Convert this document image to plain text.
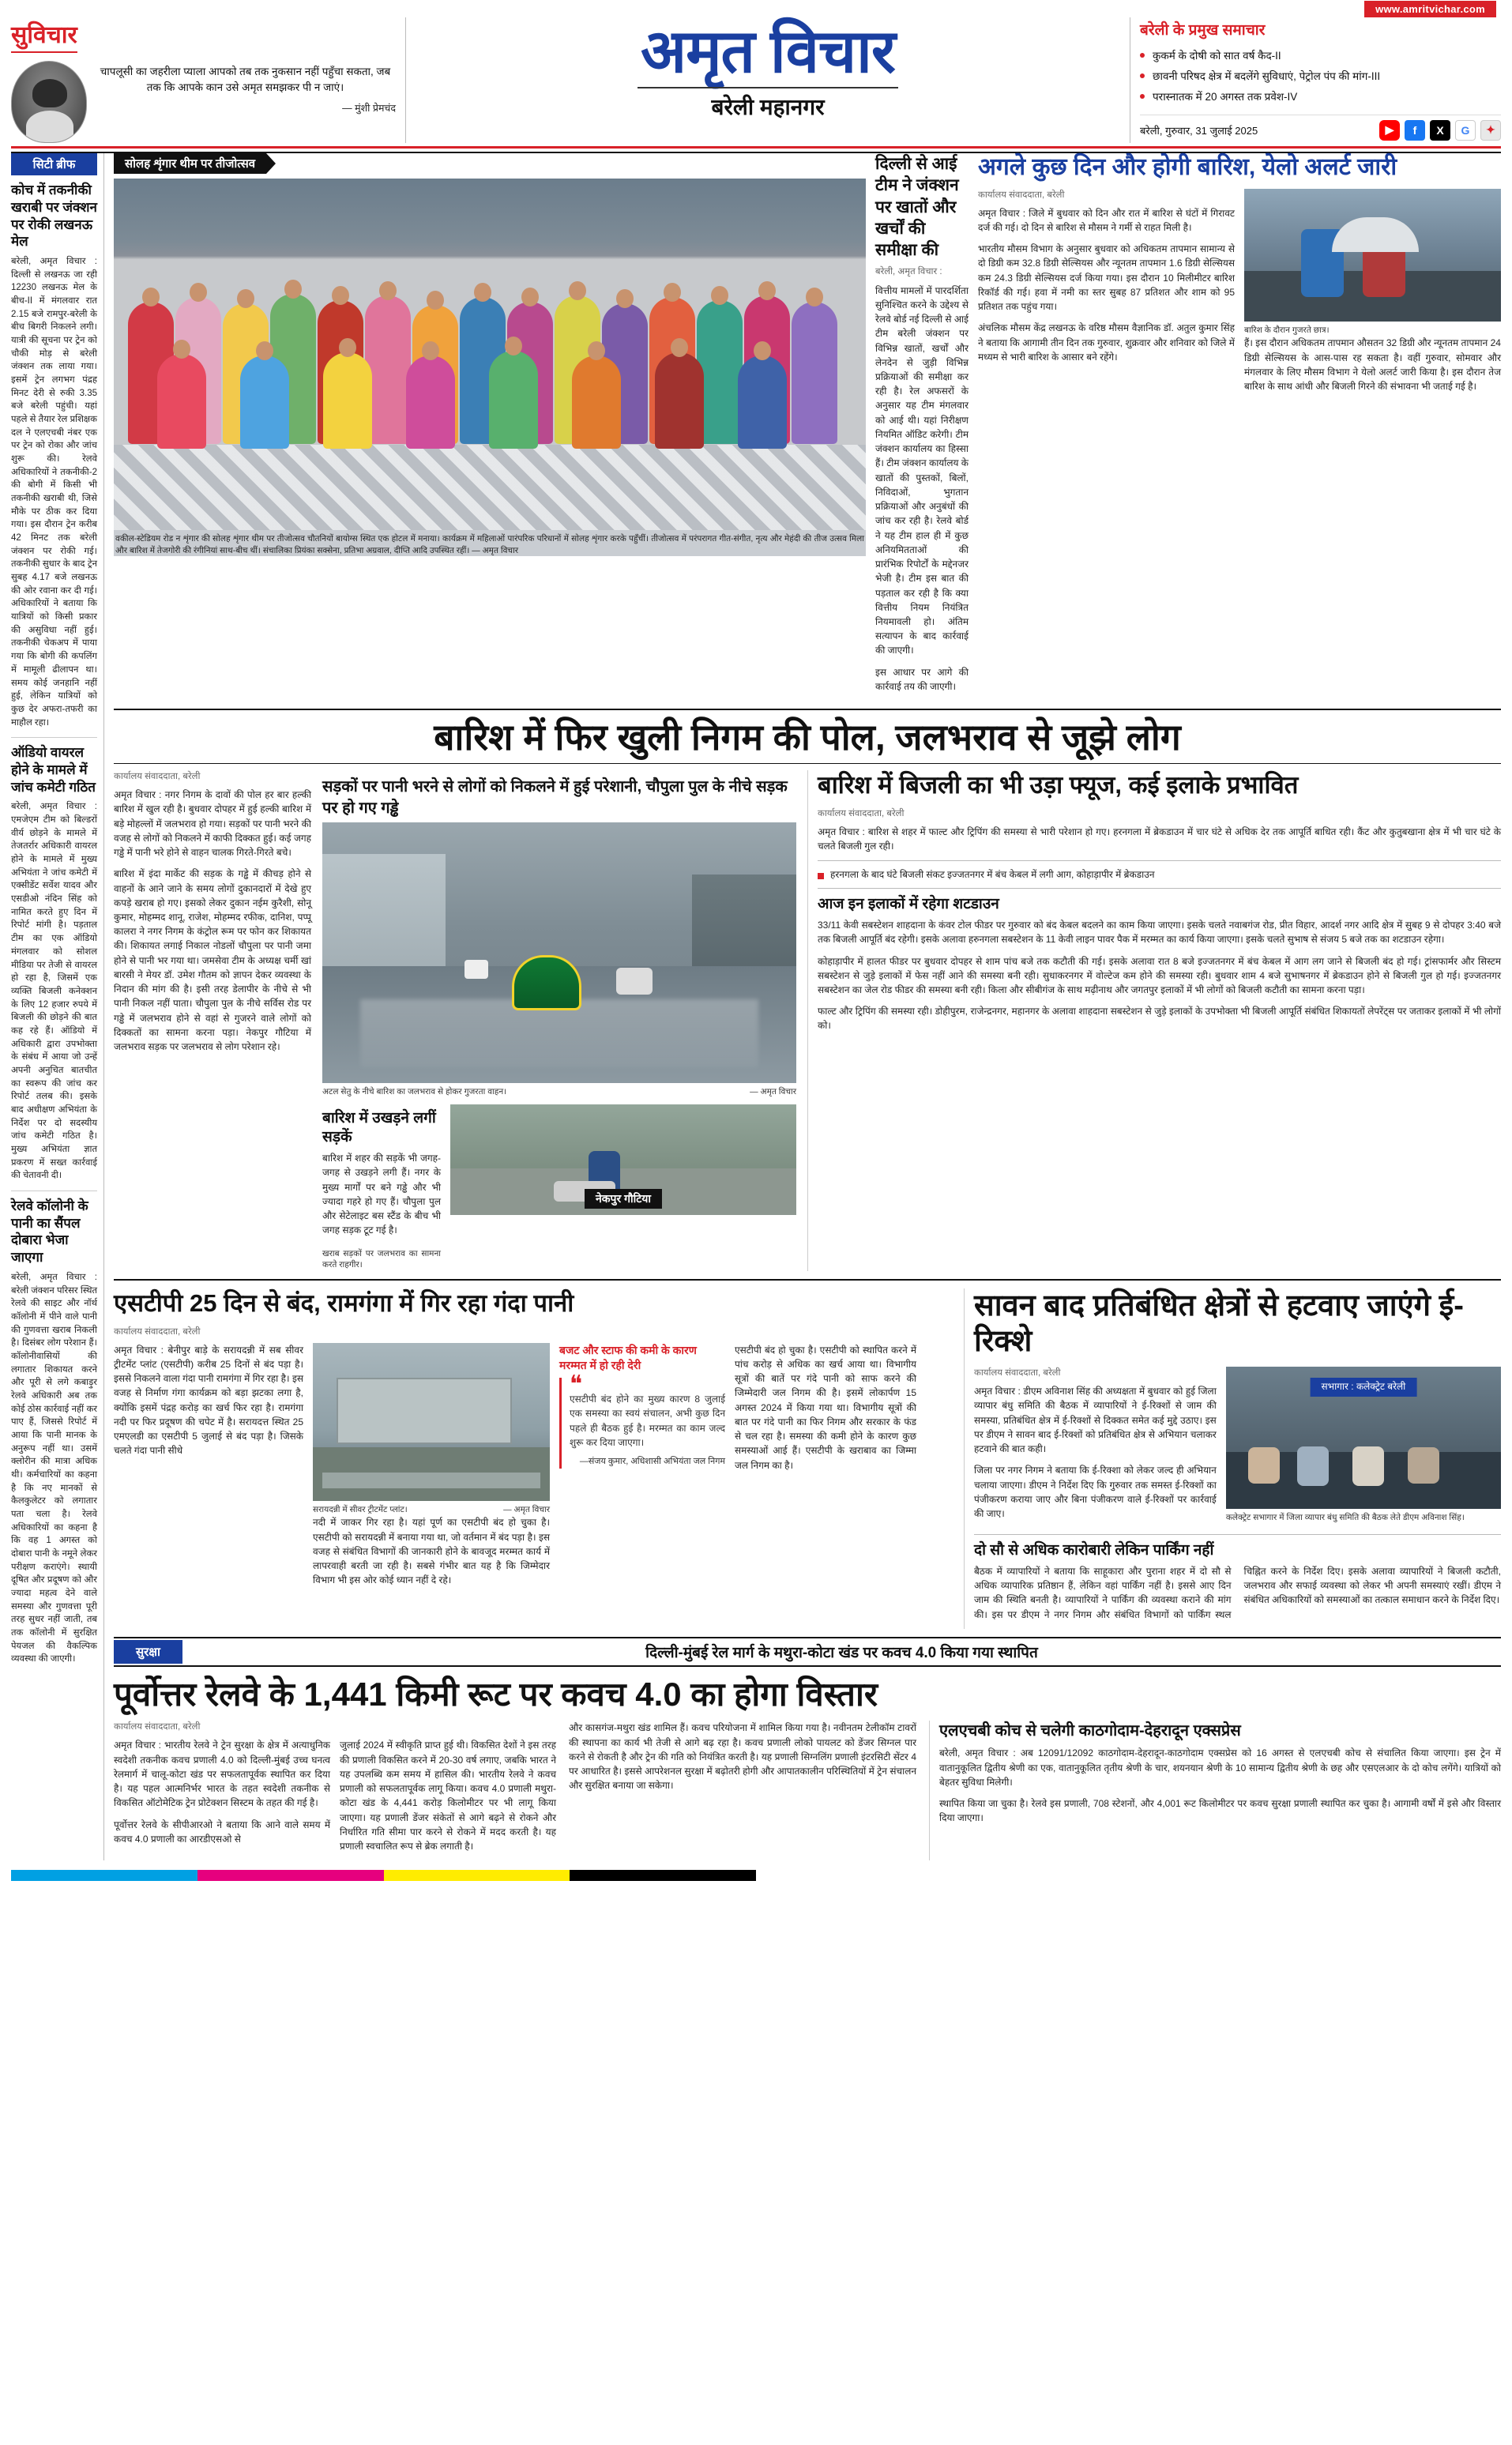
www.amritvichar.com
सुविचार
चापलूसी का जहरीला प्याला आपको तब तक नुकसान नहीं पहुँचा सकता, जब तक कि आपके कान उसे अमृत समझकर पी न जाएं।
— मुंशी प्रेमचंद
अमृत विचार
बरेली महानगर
बरेली के प्रमुख समाचार
कुकर्म के दोषी को सात वर्ष कैद-II
छावनी परिषद क्षेत्र में बदलेंगे सुविधाएं, पेट्रोल पंप की मांग-III
परास्नातक में 20 अगस्त तक प्रवेश-IV
बरेली, गुरुवार, 31 जुलाई 2025	▶	f	X	G	✦
सिटी ब्रीफ
कोच में तकनीकी खराबी पर जंक्शन पर रोकी लखनऊ मेल

बरेली, अमृत विचार : दिल्ली से लखनऊ जा रही 12230 लखनऊ मेल के बीच-II में मंगलवार रात 2.15 बजे रामपुर-बरेली के बीच बिगरी निकलने लगी। यात्री की सूचना पर ट्रेन को चौकी मोड़ से बरेली जंक्शन तक लाया गया। इसमें ट्रेन लगभग पंद्रह मिनट देरी से रुकी 3.35 बजे बरेली पहुंची। यहां पहले से तैयार रेल प्रशिक्षक दल ने एलएचबी नंबर एक पर ट्रेन को रोका और जांच शुरू की। रेलवे अधिकारियों ने तकनीकी-2 की बोगी में किसी भी तकनीकी खराबी थी, जिसे मौके पर ठीक कर दिया गया। इस दौरान ट्रेन करीब 42 मिनट तक बरेली जंक्शन पर रोकी गई। तकनीकी सुधार के बाद ट्रेन सुबह 4.17 बजे लखनऊ की ओर रवाना कर दी गई। अधिकारियों ने बताया कि यात्रियों को किसी प्रकार की असुविधा नहीं हुई। तकनीकी चेकअप में पाया गया कि बोगी की कपलिंग में मामूली ढीलापन था। समय कोई जनहानि नहीं हुई, लेकिन यात्रियों को कुछ देर अफरा-तफरी का माहौल रहा।

ऑडियो वायरल होने के मामले में जांच कमेटी गठित

बरेली, अमृत विचार : एमजेएम टीम को बिल्डरों वीर्य छोड़ने के मामले में तेजतर्रार अधिकारी वायरल होने के मामले में मुख्य अभियंता ने जांच कमेटी में एक्सीडेंट सर्वेश यादव और एसडीओ नंदिन सिंह को नामित करते हुए दिन में रिपोर्ट मांगी है। पड़ताल टीम का एक ऑडियो मंगलवार को सोशल मीडिया पर तेजी से वायरल हो रहा है, जिसमें एक व्यक्ति बिजली कनेक्शन के लिए 12 हजार रुपये में बिजली की छोड़ने की बात कह रहे हैं। ऑडियो में अधिकारी द्वारा उपभोक्ता के संबंध में आया जो उन्हें अपनी अनुचित बातचीत का स्वरूप की जांच कर रिपोर्ट तलब की। इसके बाद अधीक्षण अभियंता के निर्देश पर दो सदस्यीय जांच कमेटी गठित है। मुख्य अभियंता ज्ञात प्रकरण में सख्त कार्रवाई की चेतावनी दी।

रेलवे कॉलोनी के पानी का सैंपल दोबारा भेजा जाएगा

बरेली, अमृत विचार : बरेली जंक्शन परिसर स्थित रेलवे की साइट और नॉर्थ कॉलोनी में पीने वाले पानी की गुणवत्ता खराब निकली है। दिसंबर लोग परेशान हैं। कॉलोनीवासियों की लगातार शिकायत करने और पूरी से लगे कबाड़ुर रेलवे अधिकारी अब तक कोई ठोस कार्रवाई नहीं कर पाए हैं, जिससे रिपोर्ट में आया कि पानी मानक के अनुरूप नहीं था। उसमें क्लोरीन की मात्रा अधिक थी। कर्मचारियों का कहना है कि नए मानकों से कैलकुलेटर को लगातार पता चला है। रेलवे अधिकारियों का कहना है कि वह 1 अगस्त को दोबारा पानी के नमूने लेकर परीक्षण कराएंगे। स्थायी दूषित और प्रदूषण को और ज्यादा महत्व देने वाले समस्या और गुणवत्ता पूरी तरह सुधर नहीं जाती, तब तक कॉलोनी में सुरक्षित पेयजल की वैकल्पिक व्यवस्था की जाएगी।

सोलह शृंगार थीम पर तीजोत्सव
वकील-स्टेडियम रोड न शृंगार की सोलह शृंगार थीम पर तीजोत्सव चौतनियों बायोग्स स्थित एक होटल में मनाया। कार्यक्रम में महिलाओं पारंपरिक परिधानों में सोलह शृंगार करके पहुँचीं। तीजोत्सव में परंपरागत गीत-संगीत, नृत्य और मेहंदी की तीज उत्सव मिला और बारिश में तेजगोरी की रंगीनियां साथ-बीच थीं। संचालिका प्रियंका सक्सेना, प्रतिभा अग्रवाल, दीप्ति आदि उपस्थित रहीं। — अमृत विचार
दिल्ली से आई टीम ने जंक्शन पर खातों और खर्चों की समीक्षा की
बरेली, अमृत विचार :

वित्तीय मामलों में पारदर्शिता सुनिश्चित करने के उद्देश्य से रेलवे बोर्ड नई दिल्ली से आई टीम बरेली जंक्शन पर विभिन्न खातों, खर्चों और लेनदेन से जुड़ी विभिन्न प्रक्रियाओं की समीक्षा कर रही है। रेल अफसरों के अनुसार यह टीम मंगलवार को आई थी। यहां निरीक्षण नियमित ऑडिट करेगी। टीम जंक्शन कार्यालय का हिस्सा हैं। टीम जंक्शन कार्यालय के खातों की पुस्तकों, बिलों, निविदाओं, भुगतान प्रक्रियाओं और अनुबंधों की जांच कर रही है। रेलवे बोर्ड ने यह टीम हाल ही में कुछ अनियमितताओं की प्रारंभिक रिपोर्टों के मद्देनजर भेजी है। टीम इस बात की पड़ताल कर रही है कि क्या वित्तीय नियम नियंत्रित नियमावली हो। अंतिम सत्यापन के बाद कार्रवाई की जाएगी।

इस आधार पर आगे की कार्रवाई तय की जाएगी।

अगले कुछ दिन और होगी बारिश, येलो अलर्ट जारी
कार्यालय संवाददाता, बरेली

अमृत विचार : जिले में बुधवार को दिन और रात में बारिश से घंटों में गिरावट दर्ज की गई। दो दिन से बारिश से मौसम ने गर्मी से राहत मिली है।

भारतीय मौसम विभाग के अनुसार बुधवार को अधिकतम तापमान सामान्य से दो डिग्री कम 32.8 डिग्री सेल्सियस और न्यूनतम तापमान 1.6 डिग्री सेल्सियस कम 24.3 डिग्री सेल्सियस दर्ज किया गया। इस दौरान 10 मिलीमीटर बारिश रिकॉर्ड की गई। हवा में नमी का स्तर सुबह 87 प्रतिशत और शाम को 95 प्रतिशत तक पहुंच गया।

अंचलिक मौसम केंद्र लखनऊ के वरिष्ठ मौसम वैज्ञानिक डॉ. अतुल कुमार सिंह ने बताया कि आगामी तीन दिन तक गुरुवार, शुक्रवार और शनिवार को जिले में मध्यम से भारी बारिश के आसार बने रहेंगे।

बारिश के दौरान गुजरते छात्र।

हैं। इस दौरान अधिकतम तापमान औसतन 32 डिग्री और न्यूनतम तापमान 24 डिग्री सेल्सियस के आस-पास रह सकता है। वहीं गुरुवार, सोमवार और मंगलवार के लिए मौसम विभाग ने येलो अलर्ट जारी किया है। इस दौरान तेज बारिश के साथ आंधी और बिजली गिरने की संभावना भी जताई गई है।

बारिश में फिर खुली निगम की पोल, जलभराव से जूझे लोग
कार्यालय संवाददाता, बरेली

अमृत विचार : नगर निगम के दावों की पोल हर बार हल्की बारिश में खुल रही है। बुधवार दोपहर में हुई हल्की बारिश में बड़े मोहल्लों में जलभराव हो गया। सड़कों पर पानी भरने की वजह से लोगों को निकलने में काफी दिक्कत हुई। कई जगह गड्ढे में पानी भरे होने से वाहन चालक गिरते-गिरते बचे।

बारिश में इंदा मार्केट की सड़क के गड्ढे में कीचड़ होने से वाहनों के आने जाने के समय लोगों दुकानदारों में देखे हुए कपड़े खराब हो गए। इसको लेकर दुकान नईम कुरैशी, सोनू कुमार, मोहम्मद शानू, राजेश, मोहम्मद रफीक, दानिश, पप्पू कालरा ने नगर निगम के कंट्रोल रूम पर फोन कर शिकायत की। शिकायत लगाई निकाल नोडलों चौपुला पर पानी जमा होने से पानी भर गया था। जमसेवा टीम के अध्यक्ष चर्मी खां बारसी ने मेयर डॉ. उमेश गौतम को ज्ञापन देकर व्यवस्था के निदान की मांग की है। इसी तरह डेलापीर के नीचे से भी पानी निकल नहीं पाता। चौपुला पुल के नीचे सर्विस रोड पर गड्ढे में जलभराव होने से वहां से गुजरने वाले लोगों को दिक्कतों का सामना करना पड़ा। नेकपुर गौटिया में जलभराव सड़क पर जलभराव से लोग परेशान रहे।

सड़कों पर पानी भरने से लोगों को निकलने में हुई परेशानी, चौपुला पुल के नीचे सड़क पर हो गए गड्ढे
अटल सेतु के नीचे बारिश का जलभराव से होकर गुजरता वाहन।	— अमृत विचार
बारिश में उखड़ने लगीं सड़कें

बारिश में शहर की सड़कें भी जगह-जगह से उखड़ने लगी हैं। नगर के मुख्य मार्गों पर बने गड्ढे और भी ज्यादा गहरे हो गए हैं। चौपुला पुल और सेटेलाइट बस स्टैंड के बीच भी जगह सड़क टूट गई है।

खराब सड़कों पर जलभराव का सामना करते राहगीर।
नेकपुर गौटिया
बारिश में बिजली का भी उड़ा फ्यूज, कई इलाके प्रभावित
कार्यालय संवाददाता, बरेली

अमृत विचार : बारिश से शहर में फाल्ट और ट्रिपिंग की समस्या से भारी परेशान हो गए। हरनगला में ब्रेकडाउन में चार घंटे से अधिक देर तक आपूर्ति बाधित रही। कैंट और कुतुबखाना क्षेत्र में भी चार घंटे के चलते बिजली गुल रही।

हरनगला के बाद घंटे बिजली संकट इज्जतनगर में बंच केबल में लगी आग, कोहाड़ापीर में ब्रेकडाउन
आज इन इलाकों में रहेगा शटडाउन

33/11 केवी सबस्टेशन शाहदाना के कंवर टोल फीडर पर गुरुवार को बंद केबल बदलने का काम किया जाएगा। इसके चलते नवाबगंज रोड, प्रीत विहार, आदर्श नगर आदि क्षेत्र में सुबह 9 से दोपहर 3:40 बजे तक बिजली आपूर्ति बंद रहेगी। इसके अलावा हरुनगला सबस्टेशन के 11 केवी लाइन पावर पैक में मरम्मत का कार्य किया जाएगा। इसके चलते सुभाष से संजय 5 बजे तक का शटडाउन रहेगा।

कोहाड़ापीर में हालत फीडर पर बुधवार दोपहर से शाम पांच बजे तक कटौती की गई। इसके अलावा रात 8 बजे इज्जतनगर में बंच केबल में आग लग जाने से बिजली बंद हो गई। ट्रांसफार्मर और सिस्टम सबस्टेशन से जुड़े इलाकों में फेस नहीं आने की समस्या बनी रही। सुधाकरनगर में वोल्टेज कम होने की समस्या रही। बुधवार शाम 4 बजे सुभाषनगर में ब्रेकडाउन होने से बिजली गुल हो गई। इज्जतनगर सबस्टेशन का जेल रोड फीडर की समस्या बनी रही। किला और सीबीगंज के साथ मढ़ीनाथ और जगतपुर इलाकों में भी लोगों को बिजली कटौती का सामना करना पड़ा।

फाल्ट और ट्रिपिंग की समस्या रही। डोहीपुरम, राजेन्द्रनगर, महानगर के अलावा शाहदाना सबस्टेशन से जुड़े इलाकों के उपभोक्ता भी बिजली आपूर्ति संबंधित शिकायतों लेपरेंट्स पर जताकर इलाकों में भी लोगों को।

एसटीपी 25 दिन से बंद, रामगंगा में गिर रहा गंदा पानी
कार्यालय संवाददाता, बरेली

अमृत विचार : बेनीपुर बाड़े के सरायदन्नी में सब सीवर ट्रीटमेंट प्लांट (एसटीपी) करीब 25 दिनों से बंद पड़ा है। इससे निकलने वाला गंदा पानी रामगंगा में गिर रहा है। इस वजह से निर्माण गंगा कार्यक्रम को बड़ा झटका लगा है, क्योंकि इसमें पंद्रह करोड़ का खर्च फिर रहा है। रामगंगा नदी पर फिर प्रदूषण की चपेट में है। सरायदत्त स्थित 25 एमएलडी का एसटीपी 5 जुलाई से बंद पड़ा है। जिसके चलते गंदा पानी सीधे

सरायदन्नी में सीवर ट्रीटमेंट प्लांट।	— अमृत विचार

नदी में जाकर गिर रहा है। यहां पूर्ण का एसटीपी बंद हो चुका है। एसटीपी को सरायदन्नी में बनाया गया था, जो वर्तमान में बंद पड़ा है। इस वजह से संबंधित विभागों की जानकारी होने के बावजूद मरम्मत कार्य में लापरवाही बरती जा रही है। सबसे गंभीर बात यह है कि जिम्मेदार विभाग भी इस ओर कोई ध्यान नहीं दे रहे।

बजट और स्टाफ की कमी के कारण मरम्मत में हो रही देरी
❝
एसटीपी बंद होने का मुख्य कारण 8 जुलाई एक समस्या का स्वयं संचालन, अभी कुछ दिन पहले ही बैठक हुई है। मरम्मत का काम जल्द शुरू कर दिया जाएगा।
—संजय कुमार, अधिशासी अभियंता जल निगम

एसटीपी बंद हो चुका है। एसटीपी को स्थापित करने में पांच करोड़ से अधिक का खर्च आया था। विभागीय सूत्रों की बातें पर गंदे पानी को साफ करने की जिम्मेदारी जल निगम की है। इसमें लोकार्पण 15 अगस्त 2024 में किया गया था। विभागीय सूत्रों की बात पर गंदे पानी का फिर निगम और सरकार के फंड से चल रहा है। समस्या की कमी होने के कारण कुछ समस्याओं आई हैं। एसटीपी के खराबाव का जिम्मा जल निगम का है।

सावन बाद प्रतिबंधित क्षेत्रों से हटवाए जाएंगे ई-रिक्शे
कार्यालय संवाददाता, बरेली

अमृत विचार : डीएम अविनाश सिंह की अध्यक्षता में बुधवार को हुई जिला व्यापार बंधु समिति की बैठक में व्यापारियों ने ई-रिक्शों से जाम की समस्या, प्रतिबंधित क्षेत्र में ई-रिक्शों से दिक्कत समेत कई मुद्दे उठाए। इस पर डीएम ने सावन बाद ई-रिक्शों को प्रतिबंधित क्षेत्र से अभियान चलाकर हटवाने की बात कही।

जिला पर नगर निगम ने बताया कि ई-रिक्शा को लेकर जल्द ही अभियान चलाया जाएगा। डीएम ने निर्देश दिए कि गुरुवार तक समस्त ई-रिक्शों का पंजीकरण कराया जाए और बिना पंजीकरण वाले ई-रिक्शों पर कार्रवाई की जाए।

सभागार : कलेक्ट्रेट बरेली
कलेक्ट्रेट सभागार में जिला व्यापार बंधु समिति की बैठक लेते डीएम अविनाश सिंह।
दो सौ से अधिक कारोबारी लेकिन पार्किंग नहीं

बैठक में व्यापारियों ने बताया कि साहूकारा और पुराना शहर में दो सौ से अधिक व्यापारिक प्रतिष्ठान हैं, लेकिन वहां पार्किंग नहीं है। इससे आए दिन जाम की स्थिति बनती है। व्यापारियों ने पार्किंग की व्यवस्था कराने की मांग की। इस पर डीएम ने नगर निगम और संबंधित विभागों को पार्किंग स्थल चिह्नित करने के निर्देश दिए। इसके अलावा व्यापारियों ने बिजली कटौती, जलभराव और सफाई व्यवस्था को लेकर भी अपनी समस्याएं रखीं। डीएम ने संबंधित अधिकारियों को समस्याओं का तत्काल समाधान करने के निर्देश दिए।

सुरक्षा	दिल्ली-मुंबई रेल मार्ग के मथुरा-कोटा खंड पर कवच 4.0 किया गया स्थापित
पूर्वोत्तर रेलवे के 1,441 किमी रूट पर कवच 4.0 का होगा विस्तार
कार्यालय संवाददाता, बरेली

अमृत विचार : भारतीय रेलवे ने ट्रेन सुरक्षा के क्षेत्र में अत्याधुनिक स्वदेशी तकनीक कवच प्रणाली 4.0 को दिल्ली-मुंबई उच्च घनत्व रेलमार्ग में चालू-कोटा खंड पर सफलतापूर्वक स्थापित कर दिया है। यह पहल आत्मनिर्भर भारत के तहत स्वदेशी तकनीक से विकसित ऑटोमेटिक ट्रेन प्रोटेक्शन सिस्टम के तहत की गई है।

पूर्वोत्तर रेलवे के सीपीआरओ ने बताया कि आने वाले समय में कवच 4.0 प्रणाली का आरडीएसओ से

जुलाई 2024 में स्वीकृति प्राप्त हुई थी। विकसित देशों ने इस तरह की प्रणाली विकसित करने में 20-30 वर्ष लगाए, जबकि भारत ने यह उपलब्धि कम समय में हासिल की। भारतीय रेलवे ने कवच प्रणाली को सफलतापूर्वक लागू किया। कवच 4.0 प्रणाली मथुरा-कोटा खंड के 4,441 करोड़ किलोमीटर पर भी लागू किया जाएगा। यह प्रणाली डेंजर संकेतों से आगे बढ़ने से रोकने और निर्धारित गति सीमा पार करने से रोकने में मदद करती है। यह प्रणाली स्वचालित रूप से ब्रेक लगाती है।

और कासगंज-मथुरा खंड शामिल हैं। कवच परियोजना में शामिल किया गया है। नवीनतम टेलीकॉम टावरों की स्थापना का कार्य भी तेजी से आगे बढ़ रहा है। कवच प्रणाली लोको पायलट को डेंजर सिग्नल पार करने से रोकती है और ट्रेन की गति को नियंत्रित करती है। यह प्रणाली सिग्नलिंग प्रणाली इंटरसिटी सेंटर 4 पर आधारित है। इससे आपरेशनल सुरक्षा में बढ़ोतरी होगी और आपातकालीन परिस्थितियों में ट्रेन संचालन और सुरक्षित बनाया जा सकेगा।

एलएचबी कोच से चलेगी काठगोदाम-देहरादून एक्सप्रेस

बरेली, अमृत विचार : अब 12091/12092 काठगोदाम-देहरादून-काठगोदाम एक्सप्रेस को 16 अगस्त से एलएचबी कोच से संचालित किया जाएगा। इस ट्रेन में वातानुकूलित द्वितीय श्रेणी का एक, वातानुकूलित तृतीय श्रेणी के चार, शयनयान श्रेणी के 10 सामान्य द्वितीय श्रेणी के छह और एसएलआर के दो कोच लगेंगे। यात्रियों को बेहतर सुविधा मिलेगी।

स्थापित किया जा चुका है। रेलवे इस प्रणाली, 708 स्टेशनों, और 4,001 रूट किलोमीटर पर कवच सुरक्षा प्रणाली स्थापित कर चुका है। आगामी वर्षों में इसे और विस्तार दिया जाएगा।
